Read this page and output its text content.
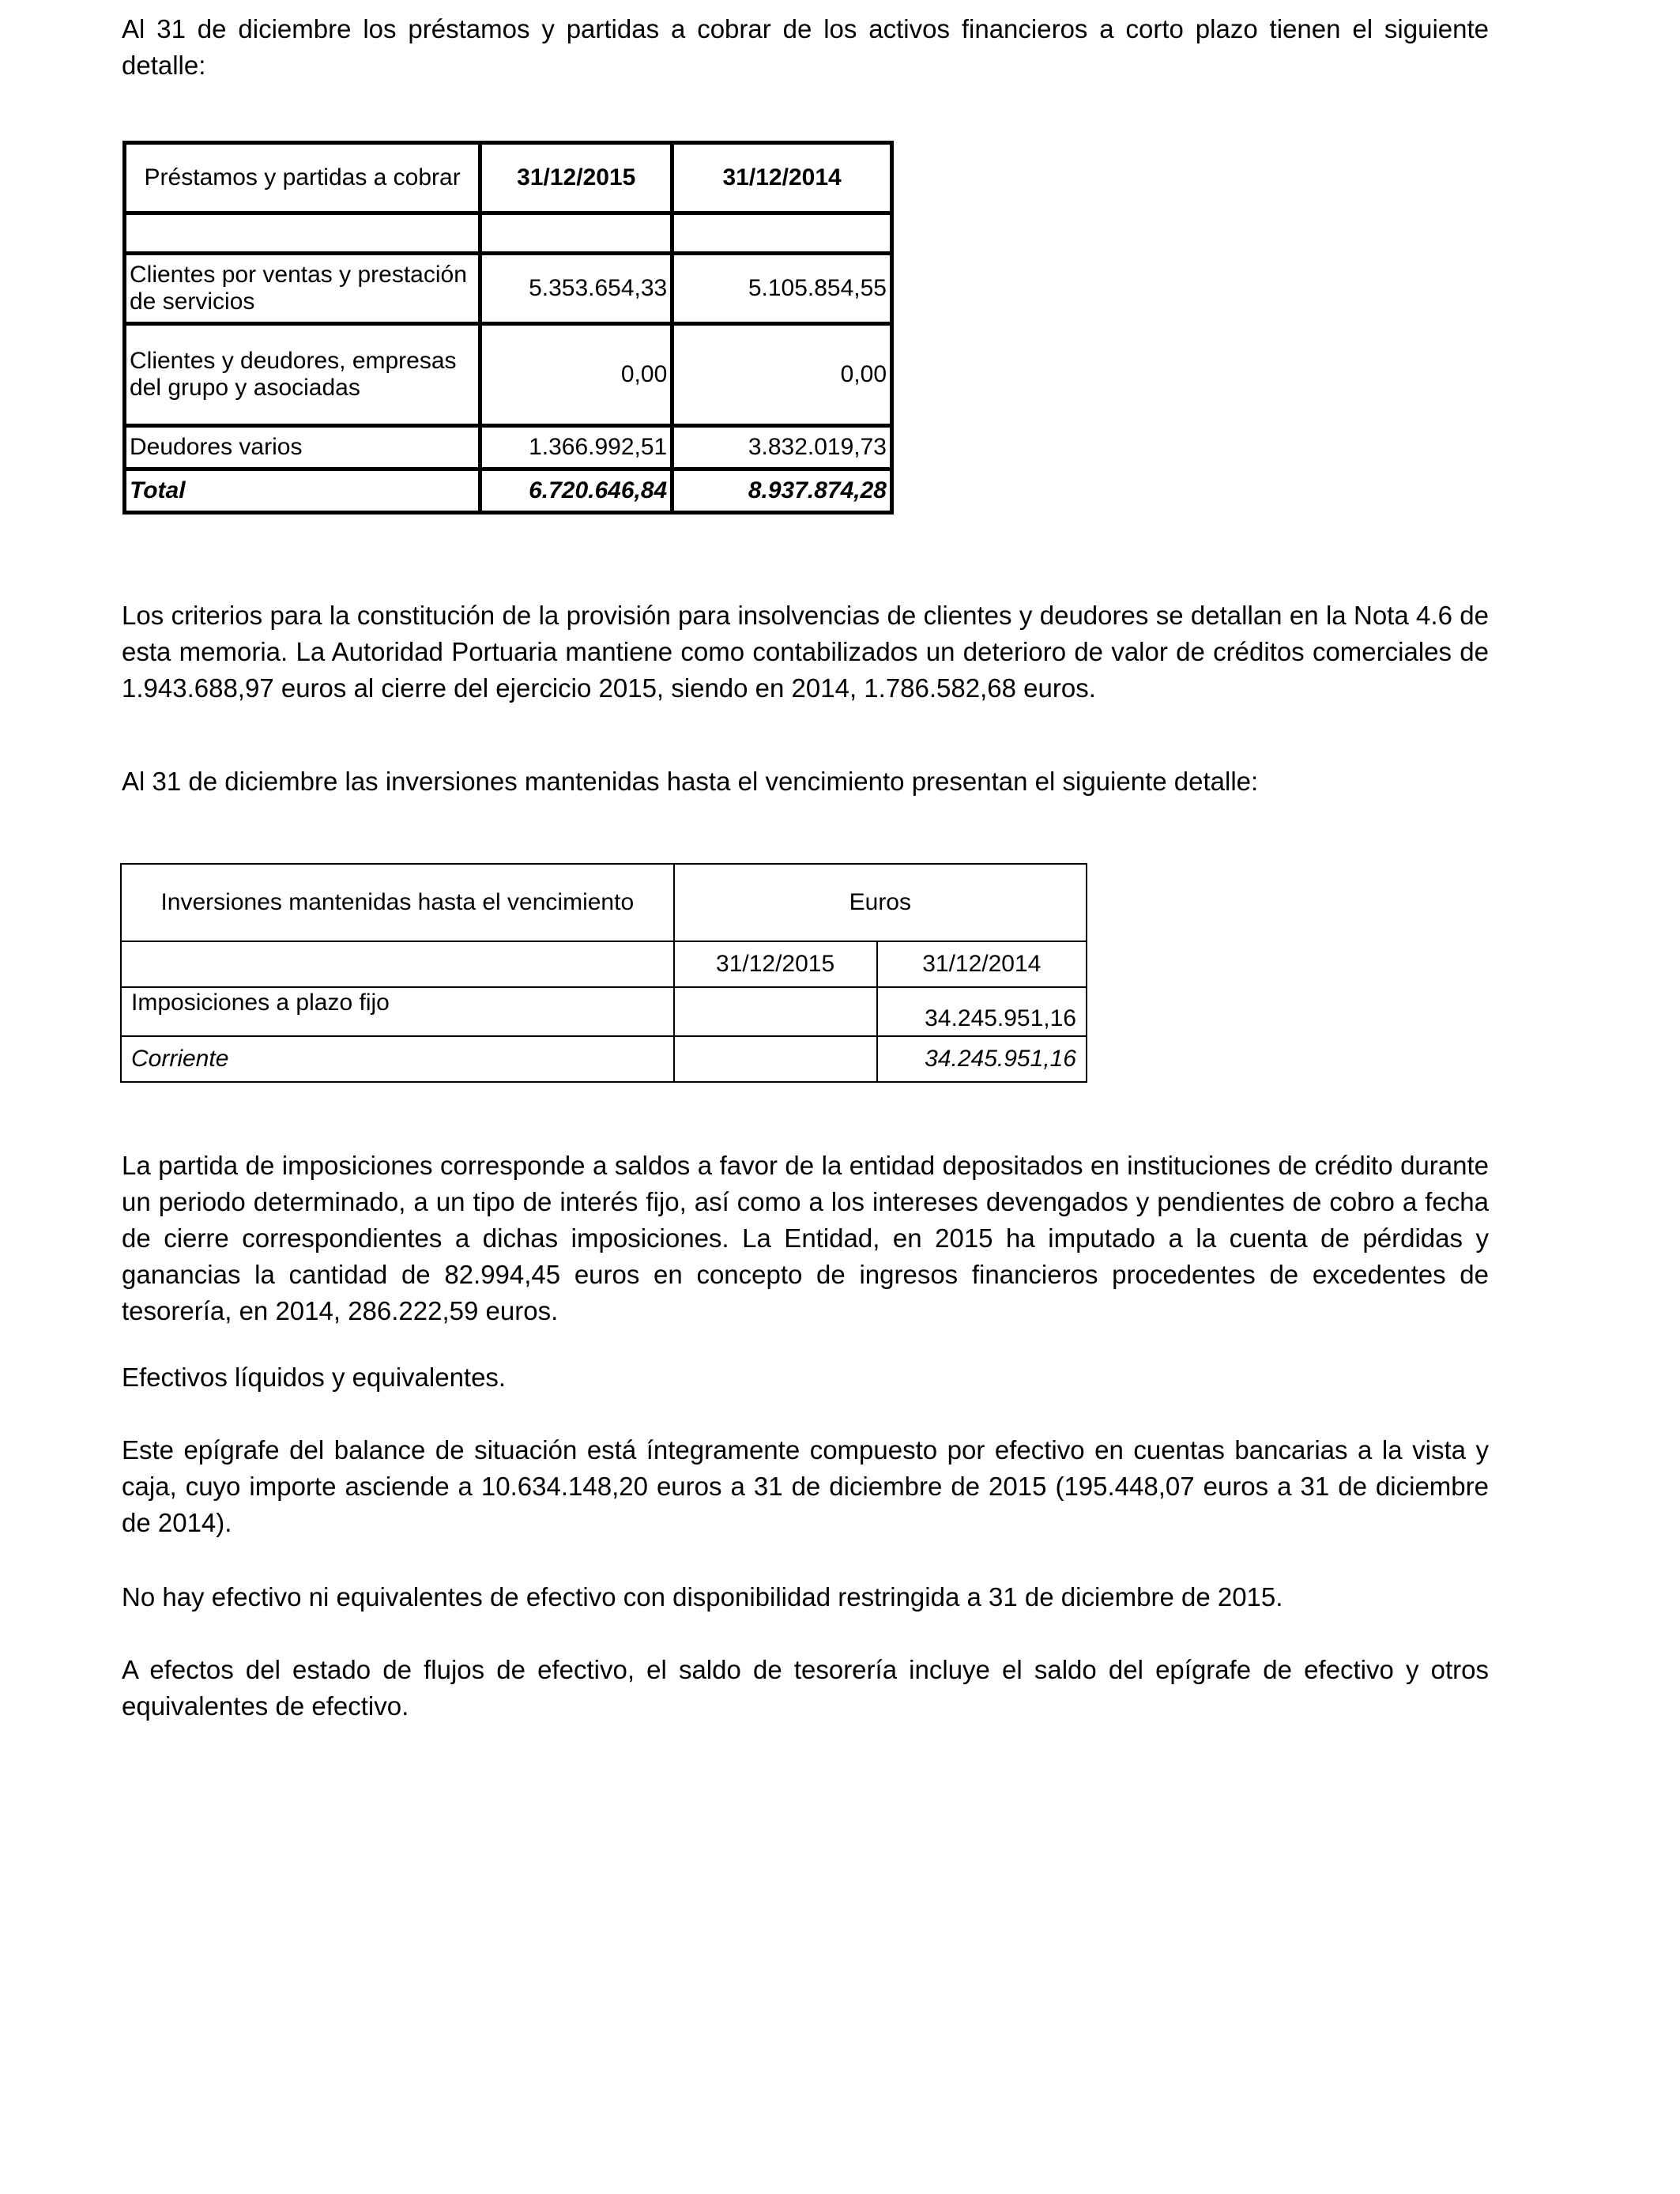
Al 31 de diciembre los préstamos y partidas a cobrar de los activos financieros a corto plazo tienen el siguiente detalle:

Préstamos y partidas a cobrar	31/12/2015	31/12/2014

Clientes por ventas y prestación de servicios	5.353.654,33	5.105.854,55
Clientes y deudores, empresas del grupo y asociadas	0,00	0,00
Deudores varios	1.366.992,51	3.832.019,73
Total	6.720.646,84	8.937.874,28

Los criterios para la constitución de la provisión para insolvencias de clientes y deudores se detallan en la Nota 4.6 de esta memoria. La Autoridad Portuaria mantiene como contabilizados un deterioro de valor de créditos comerciales de 1.943.688,97 euros al cierre del ejercicio 2015, siendo en 2014, 1.786.582,68 euros.

Al 31 de diciembre las inversiones mantenidas hasta el vencimiento presentan el siguiente detalle:

Inversiones mantenidas hasta el vencimiento	Euros	
	31/12/2015	31/12/2014
Imposiciones a plazo fijo		34.245.951,16
Corriente		34.245.951,16

La partida de imposiciones corresponde a saldos a favor de la entidad depositados en instituciones de crédito durante un periodo determinado, a un tipo de interés fijo, así como a los intereses devengados y pendientes de cobro a fecha de cierre correspondientes a dichas imposiciones. La Entidad, en 2015 ha imputado a la cuenta de pérdidas y ganancias la cantidad de 82.994,45 euros en concepto de ingresos financieros procedentes de excedentes de tesorería, en 2014, 286.222,59 euros.

Efectivos líquidos y equivalentes.

Este epígrafe del balance de situación está íntegramente compuesto por efectivo en cuentas bancarias a la vista y caja, cuyo importe asciende a 10.634.148,20 euros a 31 de diciembre de 2015 (195.448,07 euros a 31 de diciembre de 2014).

No hay efectivo ni equivalentes de efectivo con disponibilidad restringida a 31 de diciembre de 2015.

A efectos del estado de flujos de efectivo, el saldo de tesorería incluye el saldo del epígrafe de efectivo y otros equivalentes de efectivo.
